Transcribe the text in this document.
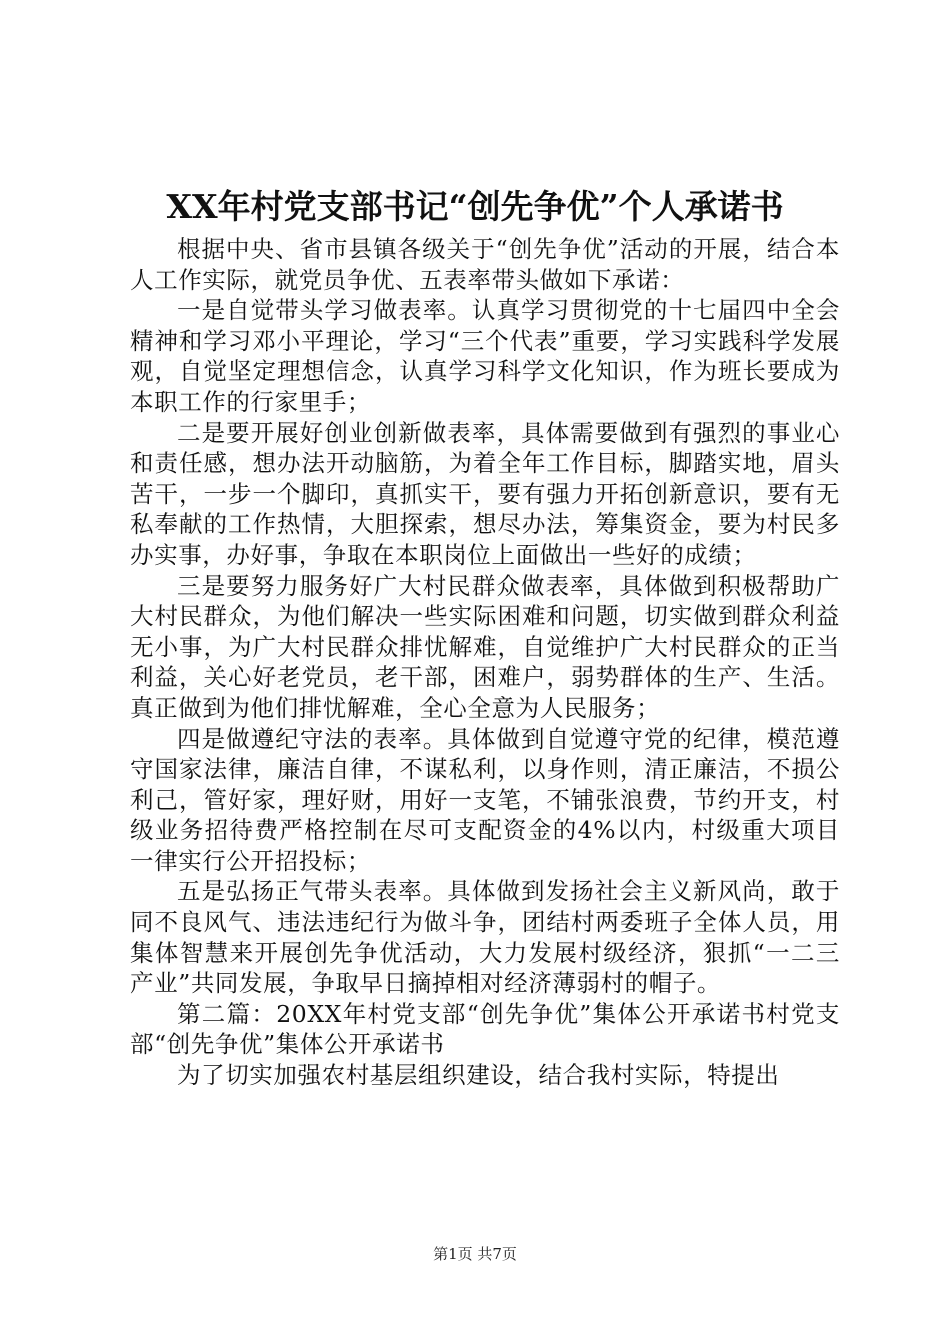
XX年村党支部书记“创先争优”个人承诺书

根据中央、省市县镇各级关于“创先争优”活动的开展，结合本人工作实际，就党员争优、五表率带头做如下承诺：

一是自觉带头学习做表率。认真学习贯彻党的十七届四中全会精神和学习邓小平理论，学习“三个代表”重要，学习实践科学发展观，自觉坚定理想信念，认真学习科学文化知识，作为班长要成为本职工作的行家里手；

二是要开展好创业创新做表率，具体需要做到有强烈的事业心和责任感，想办法开动脑筋，为着全年工作目标，脚踏实地，眉头苦干，一步一个脚印，真抓实干，要有强力开拓创新意识，要有无私奉献的工作热情，大胆探索，想尽办法，筹集资金，要为村民多办实事，办好事，争取在本职岗位上面做出一些好的成绩；

三是要努力服务好广大村民群众做表率，具体做到积极帮助广大村民群众，为他们解决一些实际困难和问题，切实做到群众利益无小事，为广大村民群众排忧解难，自觉维护广大村民群众的正当利益，关心好老党员，老干部，困难户，弱势群体的生产、生活。真正做到为他们排忧解难，全心全意为人民服务；

四是做遵纪守法的表率。具体做到自觉遵守党的纪律，模范遵守国家法律，廉洁自律，不谋私利，以身作则，清正廉洁，不损公利己，管好家，理好财，用好一支笔，不铺张浪费，节约开支，村级业务招待费严格控制在尽可支配资金的4%以内，村级重大项目一律实行公开招投标；

五是弘扬正气带头表率。具体做到发扬社会主义新风尚，敢于同不良风气、违法违纪行为做斗争，团结村两委班子全体人员，用集体智慧来开展创先争优活动，大力发展村级经济，狠抓“一二三产业”共同发展，争取早日摘掉相对经济薄弱村的帽子。

第二篇：20XX年村党支部“创先争优”集体公开承诺书村党支部“创先争优”集体公开承诺书

为了切实加强农村基层组织建设，结合我村实际，特提出

第1页 共7页
